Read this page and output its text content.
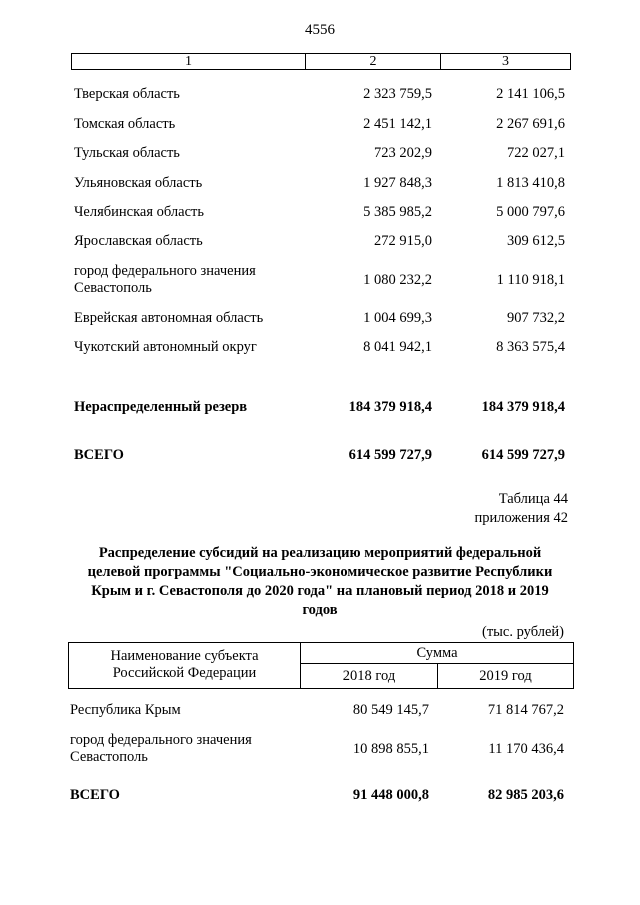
4556
1	2	3
Тверская область	2 323 759,5	2 141 106,5
Томская область	2 451 142,1	2 267 691,6
Тульская область	723 202,9	722 027,1
Ульяновская область	1 927 848,3	1 813 410,8
Челябинская область	5 385 985,2	5 000 797,6
Ярославская область	272 915,0	309 612,5
город федерального значения Севастополь	1 080 232,2	1 110 918,1
Еврейская автономная область	1 004 699,3	907 732,2
Чукотский автономный округ	8 041 942,1	8 363 575,4
Нераспределенный резерв	184 379 918,4	184 379 918,4
ВСЕГО	614 599 727,9	614 599 727,9
Таблица 44
приложения 42
Распределение субсидий на реализацию мероприятий федеральной целевой программы "Социально-экономическое развитие Республики Крым и г. Севастополя до 2020 года" на плановый период 2018 и 2019 годов
(тыс. рублей)
Наименование субъекта
Российской Федерации
Сумма
2018 год	2019 год
Республика Крым	80 549 145,7	71 814 767,2
город федерального значения Севастополь	10 898 855,1	11 170 436,4
ВСЕГО	91 448 000,8	82 985 203,6
